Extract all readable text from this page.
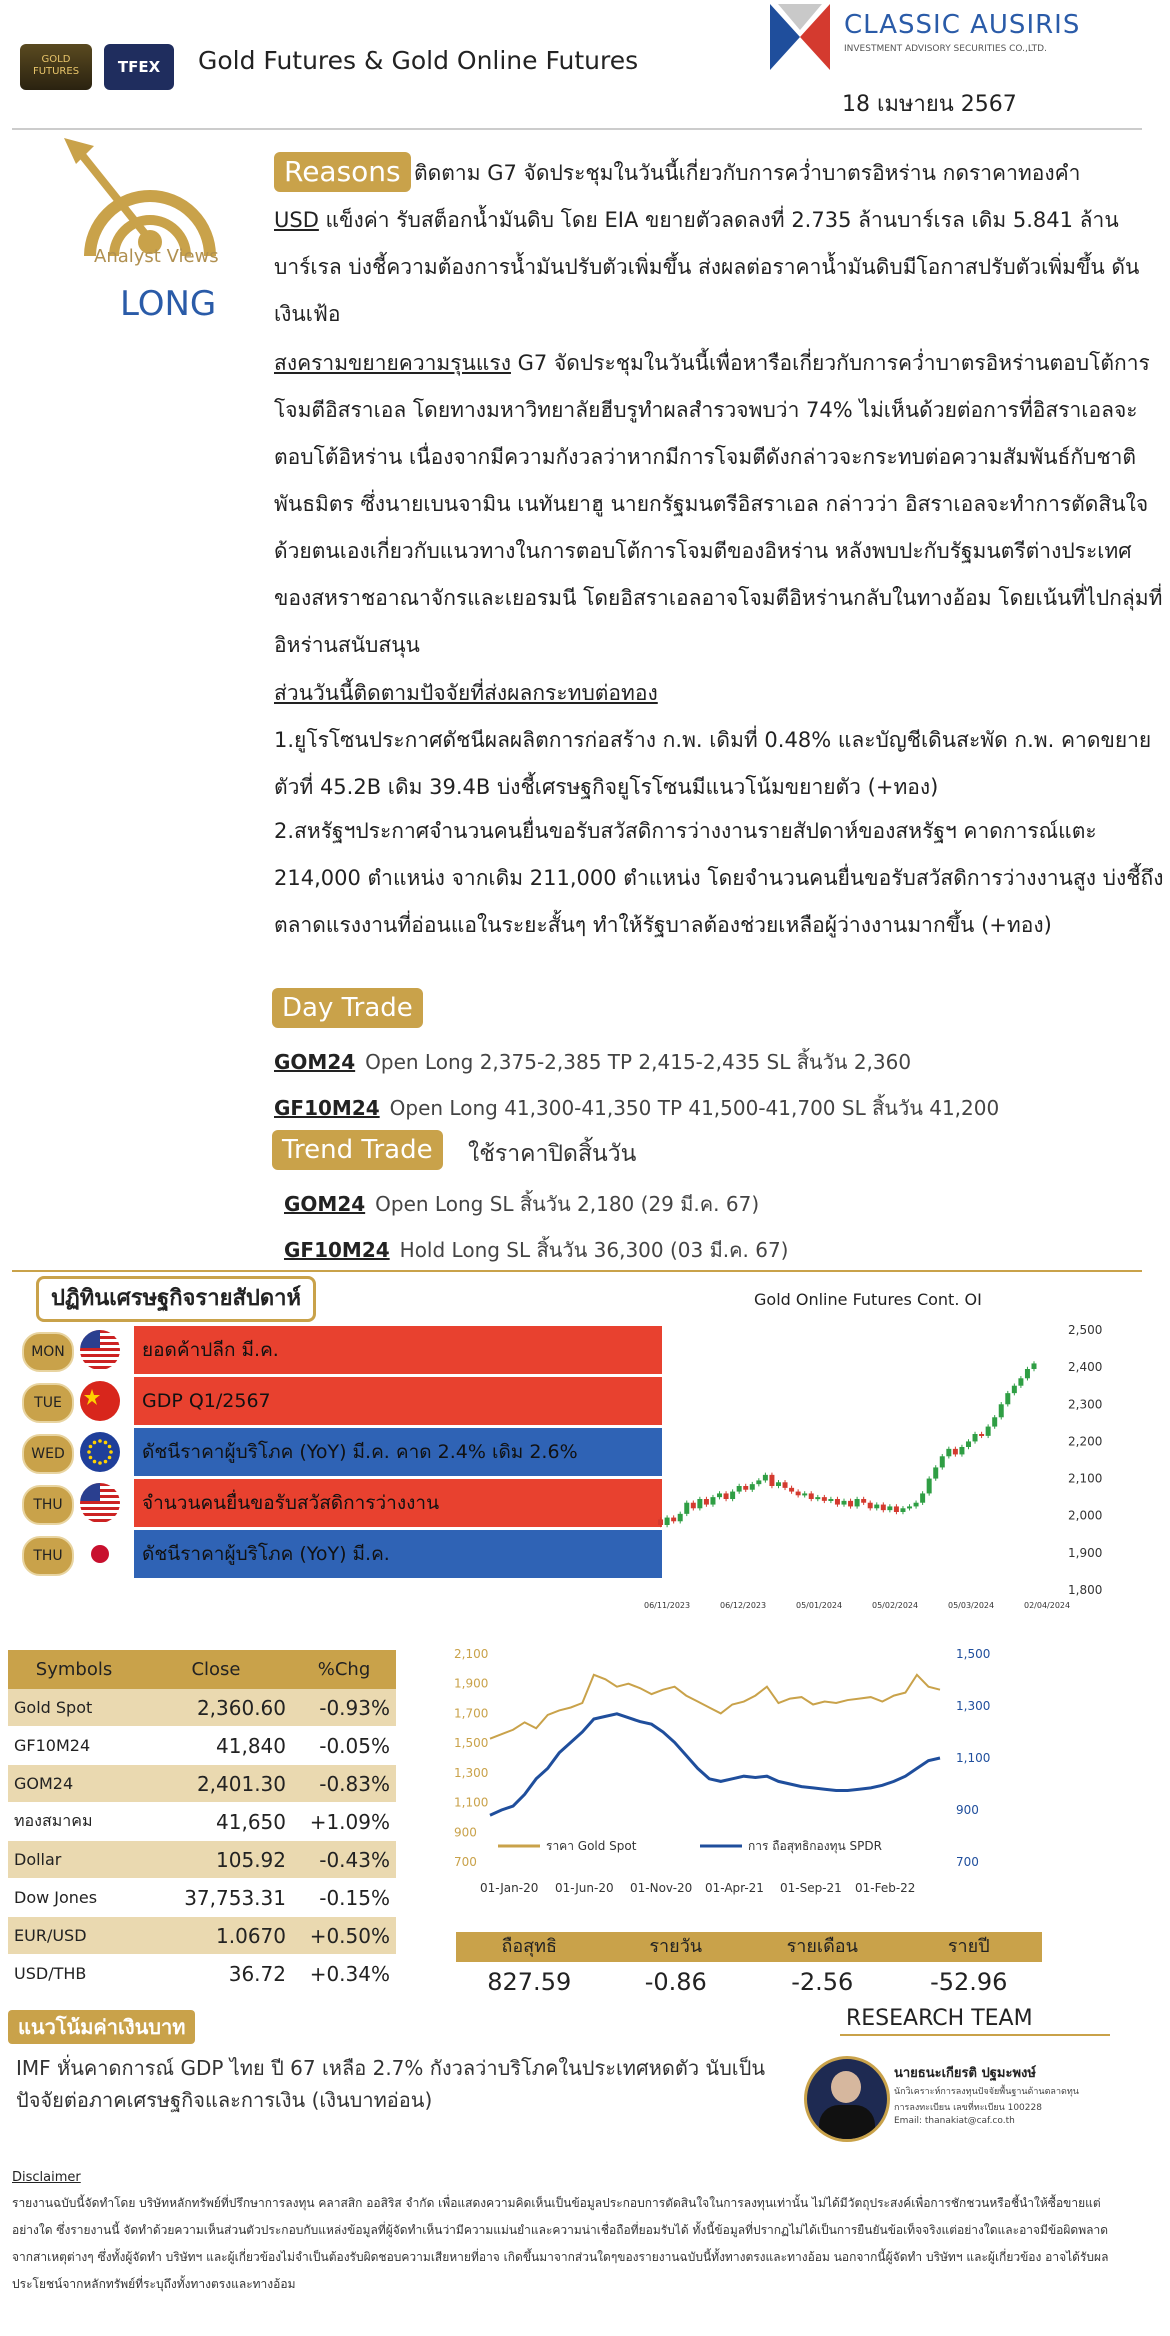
GOLD FUTURES	TFEX	Gold Futures & Gold Online Futures
CLASSIC AUSIRIS
INVESTMENT ADVISORY SECURITIES CO.,LTD.
18 เมษายน 2567
Analyst Views
LONG
Reasons ติดตาม G7 จัดประชุมในวันนี้เกี่ยวกับการคว่ำบาตรอิหร่าน กดราคาทองคำ
USD แข็งค่า รับสต็อกน้ำมันดิบ โดย EIA ขยายตัวลดลงที่ 2.735 ล้านบาร์เรล เดิม 5.841 ล้าน บาร์เรล บ่งชี้ความต้องการน้ำมันปรับตัวเพิ่มขึ้น ส่งผลต่อราคาน้ำมันดิบมีโอกาสปรับตัวเพิ่มขึ้น ดันเงินเฟ้อ
สงครามขยายความรุนแรง G7 จัดประชุมในวันนี้เพื่อหารือเกี่ยวกับการคว่ำบาตรอิหร่านตอบโต้การโจมตีอิสราเอล โดยทางมหาวิทยาลัยฮีบรูทำผลสำรวจพบว่า 74% ไม่เห็นด้วยต่อการที่อิสราเอลจะตอบโต้อิหร่าน เนื่องจากมีความกังวลว่าหากมีการโจมตีดังกล่าวจะกระทบต่อความสัมพันธ์กับชาติพันธมิตร ซึ่งนายเบนจามิน เนทันยาฮู นายกรัฐมนตรีอิสราเอล กล่าวว่า อิสราเอลจะทำการตัดสินใจด้วยตนเองเกี่ยวกับแนวทางในการตอบโต้การโจมตีของอิหร่าน หลังพบปะกับรัฐมนตรีต่างประเทศของสหราชอาณาจักรและเยอรมนี โดยอิสราเอลอาจโจมตีอิหร่านกลับในทางอ้อม โดยเน้นที่ไปกลุ่มที่อิหร่านสนับสนุน
ส่วนวันนี้ติดตามปัจจัยที่ส่งผลกระทบต่อทอง
1.ยูโรโซนประกาศดัชนีผลผลิตการก่อสร้าง ก.พ. เดิมที่ 0.48% และบัญชีเดินสะพัด ก.พ. คาดขยายตัวที่ 45.2B เดิม 39.4B บ่งชี้เศรษฐกิจยูโรโซนมีแนวโน้มขยายตัว (+ทอง)
2.สหรัฐฯประกาศจำนวนคนยื่นขอรับสวัสดิการว่างงานรายสัปดาห์ของสหรัฐฯ คาดการณ์แตะ 214,000 ตำแหน่ง จากเดิม 211,000 ตำแหน่ง โดยจำนวนคนยื่นขอรับสวัสดิการว่างงานสูง บ่งชี้ถึงตลาดแรงงานที่อ่อนแอในระยะสั้นๆ ทำให้รัฐบาลต้องช่วยเหลือผู้ว่างงานมากขึ้น (+ทอง)
Day Trade
GOM24 Open Long 2,375-2,385 TP 2,415-2,435 SL สิ้นวัน 2,360
GF10M24 Open Long 41,300-41,350 TP 41,500-41,700 SL สิ้นวัน 41,200
Trend Trade	ใช้ราคาปิดสิ้นวัน
GOM24 Open Long SL สิ้นวัน 2,180 (29 มี.ค. 67)
GF10M24 Hold Long SL สิ้นวัน 36,300 (03 มี.ค. 67)
ปฏิทินเศรษฐกิจรายสัปดาห์
MON	ยอดค้าปลีก มี.ค.
TUE	GDP Q1/2567
WED	ดัชนีราคาผู้บริโภค (YoY) มี.ค. คาด 2.4% เดิม 2.6%
THU	จำนวนคนยื่นขอรับสวัสดิการว่างงาน
THU	ดัชนีราคาผู้บริโภค (YoY) มี.ค.
Gold Online Futures Cont. OI
1,800
1,900
2,000
2,100
2,200
2,300
2,400
2,500
06/11/2023	06/12/2023	05/01/2024	05/02/2024	05/03/2024	02/04/2024
Symbols	Close	%Chg
Gold Spot	2,360.60	-0.93%
GF10M24	41,840	-0.05%
GOM24	2,401.30	-0.83%
ทองสมาคม	41,650	+1.09%
Dollar	105.92	-0.43%
Dow Jones	37,753.31	-0.15%
EUR/USD	1.0670	+0.50%
USD/THB	36.72	+0.34%
700
900
1,100
1,300
1,500
1,700
1,900
2,100
700
900
1,100
1,300
1,500
01-Jan-20 01-Jun-20 01-Nov-20 01-Apr-21 01-Sep-21 01-Feb-22
ราคา Gold Spot	การ ถือสุทธิกองทุน SPDR
ถือสุทธิ	รายวัน	รายเดือน	รายปี
827.59	-0.86	-2.56	-52.96
แนวโน้มค่าเงินบาท
IMF หั่นคาดการณ์ GDP ไทย ปี 67 เหลือ 2.7% กังวลว่าบริโภคในประเทศหดตัว นับเป็นปัจจัยต่อภาคเศรษฐกิจและการเงิน (เงินบาทอ่อน)
RESEARCH TEAM
นายธนะเกียรติ ปฐมะพงษ์
นักวิเคราะห์การลงทุนปัจจัยพื้นฐานด้านตลาดทุน
การลงทะเบียน เลขที่ทะเบียน 100228
Email: thanakiat@caf.co.th
Disclaimer
รายงานฉบับนี้จัดทำโดย บริษัทหลักทรัพย์ที่ปรึกษาการลงทุน คลาสสิก ออสิริส จำกัด เพื่อแสดงความคิดเห็นเป็นข้อมูลประกอบการตัดสินใจในการลงทุนเท่านั้น ไม่ได้มีวัตถุประสงค์เพื่อการชักชวนหรือชี้นำให้ซื้อขายแต่อย่างใด ซึ่งรายงานนี้ จัดทำด้วยความเห็นส่วนตัวประกอบกับแหล่งข้อมูลที่ผู้จัดทำเห็นว่ามีความแม่นยำและความน่าเชื่อถือที่ยอมรับได้ ทั้งนี้ข้อมูลที่ปรากฏไม่ได้เป็นการยืนยันข้อเท็จจริงแต่อย่างใดและอาจมีข้อผิดพลาดจากสาเหตุต่างๆ ซึ่งทั้งผู้จัดทำ บริษัทฯ และผู้เกี่ยวข้องไม่จำเป็นต้องรับผิดชอบความเสียหายที่อาจ เกิดขึ้นมาจากส่วนใดๆของรายงานฉบับนี้ทั้งทางตรงและทางอ้อม นอกจากนี้ผู้จัดทำ บริษัทฯ และผู้เกี่ยวข้อง อาจได้รับผลประโยชน์จากหลักทรัพย์ที่ระบุถึงทั้งทางตรงและทางอ้อม
